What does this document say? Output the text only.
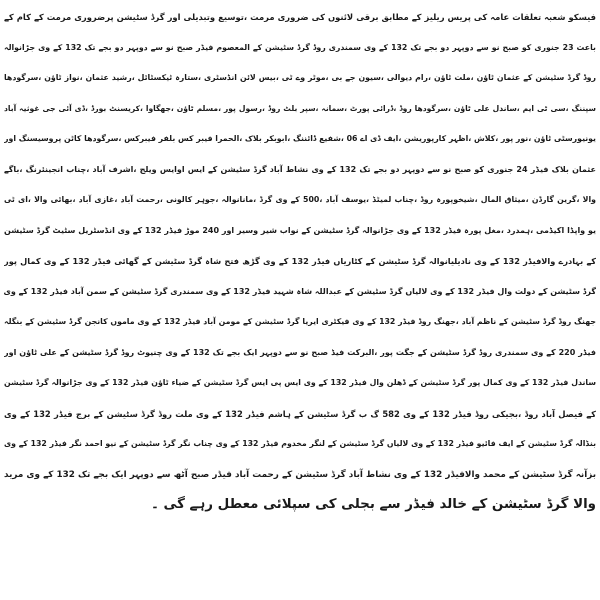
فیسکو شعبہ تعلقات عامہ کی پریس ریلیز کے مطابق برقی لائنوں کی ضروری مرمت ،توسیع وتبدیلی اور گرڈ سٹیشن پرضروری مرمت کے کام کے
باعث 23 جنوری کو صبح نو سے دوپہر دو بجے تک 132 کے وی سمندری روڈ گرڈ سٹیشن کے المعصوم فیڈر صبح نو سے دوپہر دو بجے تک 132 کے وی جڑانوالہ
روڈ گرڈ سٹیشن کے عثمان ٹاؤن ،ملت ٹاؤن ،رام دیوالی ،سیون جے بی ،موٹر وے ٹی ،بیس لائن انڈسٹری ،ستارہ ٹیکسٹائل ،رشید عثمان ،نواز ٹاؤن ،سرگودھا
سپننگ ،سی ٹی ایم ،ساندل علی ٹاؤن ،سرگودھا روڈ ،ڈرائی پورٹ ،سمانہ ،سپر بلٹ روڈ ،رسول پور ،مسلم ٹاؤن ،جھگاوا ،کریسنٹ بورڈ ،ڈی آئی جی غوثیہ آباد
یونیورسٹی ٹاؤن ،نور پور ،کلاش ،اظہر کارپوریشن ،ایف ڈی اے 06 ،شفیع ڈائننگ ،ابوبکر بلاک ،الحمرا فیبر کس بلفر فیبرکس ،سرگودھا کاٹن پروسیسنگ اور
عثمان بلاک فیڈر 24 جنوری کو صبح نو سے دوپہر دو بجے تک 132 کے وی نشاط آباد گرڈ سٹیشن کے ایس اوایس ویلج ،اشرف آباد ،چناب انجینئرنگ ،باگے
والا ،گرین گارڈن ،میثاق المال ،شیخوپورہ روڈ ،چناب لمیٹڈ ،یوسف آباد ،500 کے وی گرڈ ،مانانوالہ ،جوہر کالونی ،رحمت آباد ،غازی آباد ،بھائی والا ،ای ٹی
یو واپڈا اکیڈمی ،ہمدرد ،مغل پورہ فیڈر 132 کے وی جڑانوالہ گرڈ سٹیشن کے نواب شیر وسیر اور 240 موڑ فیڈر 132 کے وی انڈسٹریل سٹیٹ گرڈ سٹیشن
کے بہادرے والافیڈر 132 کے وی نادیلیانوالہ گرڈ سٹیشن کے کٹاریاں فیڈر 132 کے وی گڑھ فتح شاہ گرڈ سٹیشن کے گھائی فیڈر 132 کے وی کمال پور
گرڈ سٹیشن کے دولت وال فیڈر 132 کے وی لالیاں گرڈ سٹیشن کے عبداللہ شاہ شہید فیڈر 132 کے وی سمندری گرڈ سٹیشن کے سمن آباد فیڈر 132 کے وی
جھنگ روڈ گرڈ سٹیشن کے ناظم آباد ،جھنگ روڈ فیڈر 132 کے وی فیکٹری ایریا گرڈ سٹیشن کے مومن آباد فیڈر 132 کے وی ماموں کانجن گرڈ سٹیشن کے بنگلہ
فیڈر 220 کے وی سمندری روڈ گرڈ سٹیشن کے جگت پور ،البرکت فیڈ صبح نو سے دوپہر ایک بجے تک 132 کے وی چنیوٹ روڈ گرڈ سٹیشن کے علی ٹاؤن اور
ساندل فیڈر 132 کے وی کمال پور گرڈ سٹیشن کے ڈھلن وال فیڈر 132 کے وی ایس پی ایس گرڈ سٹیشن کے ضیاء ٹاؤن فیڈر 132 کے وی جڑانوالہ گرڈ سٹیشن
کے فیصل آباد روڈ ،بجیکی روڈ فیڈر 132 کے وی 582 گ ب گرڈ سٹیشن کے ہاشم فیڈر 132 کے وی ملت روڈ گرڈ سٹیشن کے برج فیڈر 132 کے وی
بنڈالہ گرڈ سٹیشن کے ایف فائیو فیڈر 132 کے وی لالیاں گرڈ سٹیشن کے لنگر مخدوم فیڈر 132 کے وی چناب نگر گرڈ سٹیشن کے نیو احمد نگر فیڈر 132 کے وی
بزآنہ گرڈ سٹیشن کے محمد والافیڈر 132 کے وی نشاط آباد گرڈ سٹیشن کے رحمت آباد فیڈر صبح آٹھ سے دوپہر ایک بجے تک 132 کے وی مرید
والا گرڈ سٹیشن کے خالد فیڈر سے بجلی کی سپلائی معطل رہے گی ۔
